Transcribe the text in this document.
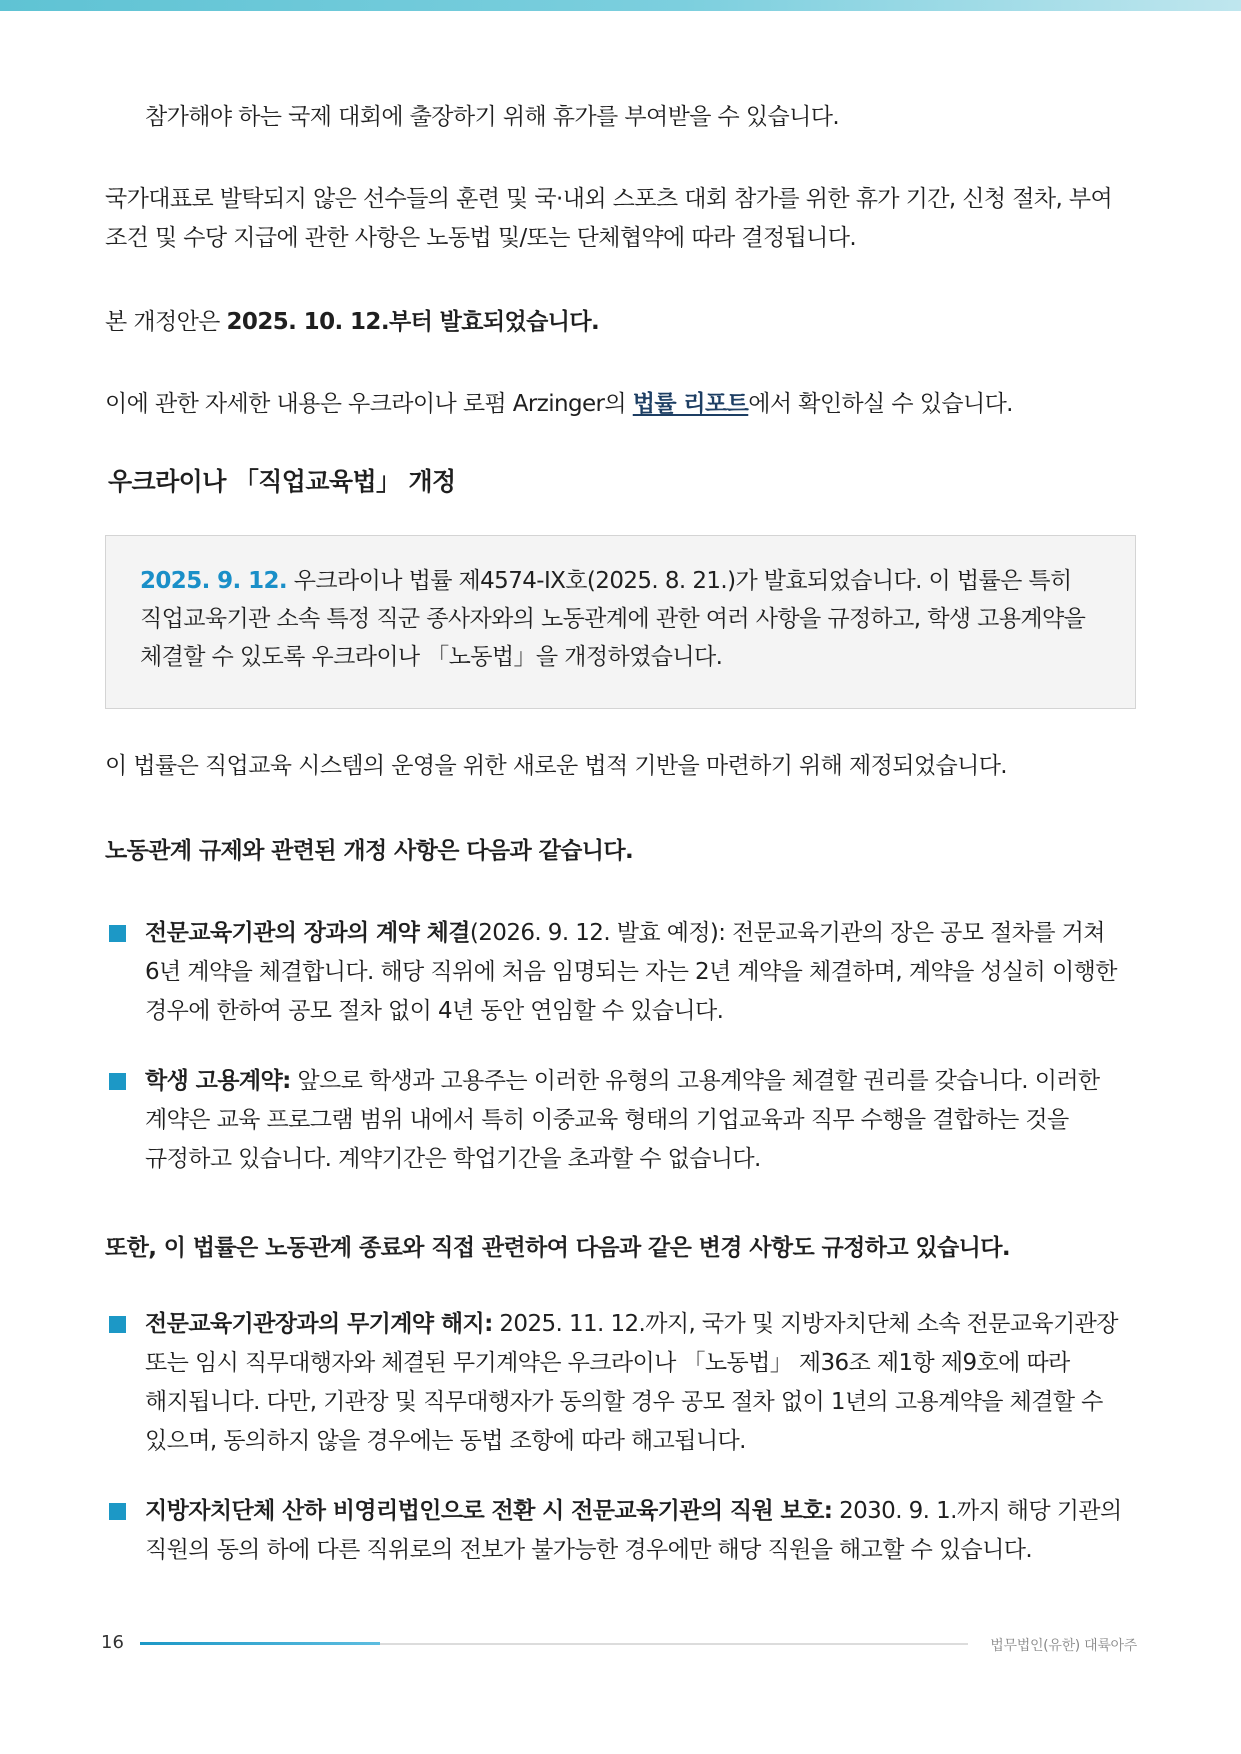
참가해야 하는 국제 대회에 출장하기 위해 휴가를 부여받을 수 있습니다.

국가대표로 발탁되지 않은 선수들의 훈련 및 국·내외 스포츠 대회 참가를 위한 휴가 기간, 신청 절차, 부여 조건 및 수당 지급에 관한 사항은 노동법 및/또는 단체협약에 따라 결정됩니다.

본 개정안은 2025. 10. 12.부터 발효되었습니다.

이에 관한 자세한 내용은 우크라이나 로펌 Arzinger의 법률 리포트에서 확인하실 수 있습니다.

우크라이나 「직업교육법」 개정
2025. 9. 12. 우크라이나 법률 제4574-IX호(2025. 8. 21.)가 발효되었습니다. 이 법률은 특히 직업교육기관 소속 특정 직군 종사자와의 노동관계에 관한 여러 사항을 규정하고, 학생 고용계약을 체결할 수 있도록 우크라이나 「노동법」을 개정하였습니다.

이 법률은 직업교육 시스템의 운영을 위한 새로운 법적 기반을 마련하기 위해 제정되었습니다.

노동관계 규제와 관련된 개정 사항은 다음과 같습니다.
전문교육기관의 장과의 계약 체결(2026. 9. 12. 발효 예정): 전문교육기관의 장은 공모 절차를 거쳐 6년 계약을 체결합니다. 해당 직위에 처음 임명되는 자는 2년 계약을 체결하며, 계약을 성실히 이행한 경우에 한하여 공모 절차 없이 4년 동안 연임할 수 있습니다.
학생 고용계약: 앞으로 학생과 고용주는 이러한 유형의 고용계약을 체결할 권리를 갖습니다. 이러한 계약은 교육 프로그램 범위 내에서 특히 이중교육 형태의 기업교육과 직무 수행을 결합하는 것을 규정하고 있습니다. 계약기간은 학업기간을 초과할 수 없습니다.
또한, 이 법률은 노동관계 종료와 직접 관련하여 다음과 같은 변경 사항도 규정하고 있습니다.
전문교육기관장과의 무기계약 해지: 2025. 11. 12.까지, 국가 및 지방자치단체 소속 전문교육기관장 또는 임시 직무대행자와 체결된 무기계약은 우크라이나 「노동법」 제36조 제1항 제9호에 따라 해지됩니다. 다만, 기관장 및 직무대행자가 동의할 경우 공모 절차 없이 1년의 고용계약을 체결할 수 있으며, 동의하지 않을 경우에는 동법 조항에 따라 해고됩니다.
지방자치단체 산하 비영리법인으로 전환 시 전문교육기관의 직원 보호: 2030. 9. 1.까지 해당 기관의 직원의 동의 하에 다른 직위로의 전보가 불가능한 경우에만 해당 직원을 해고할 수 있습니다.
16	법무법인(유한) 대륙아주
